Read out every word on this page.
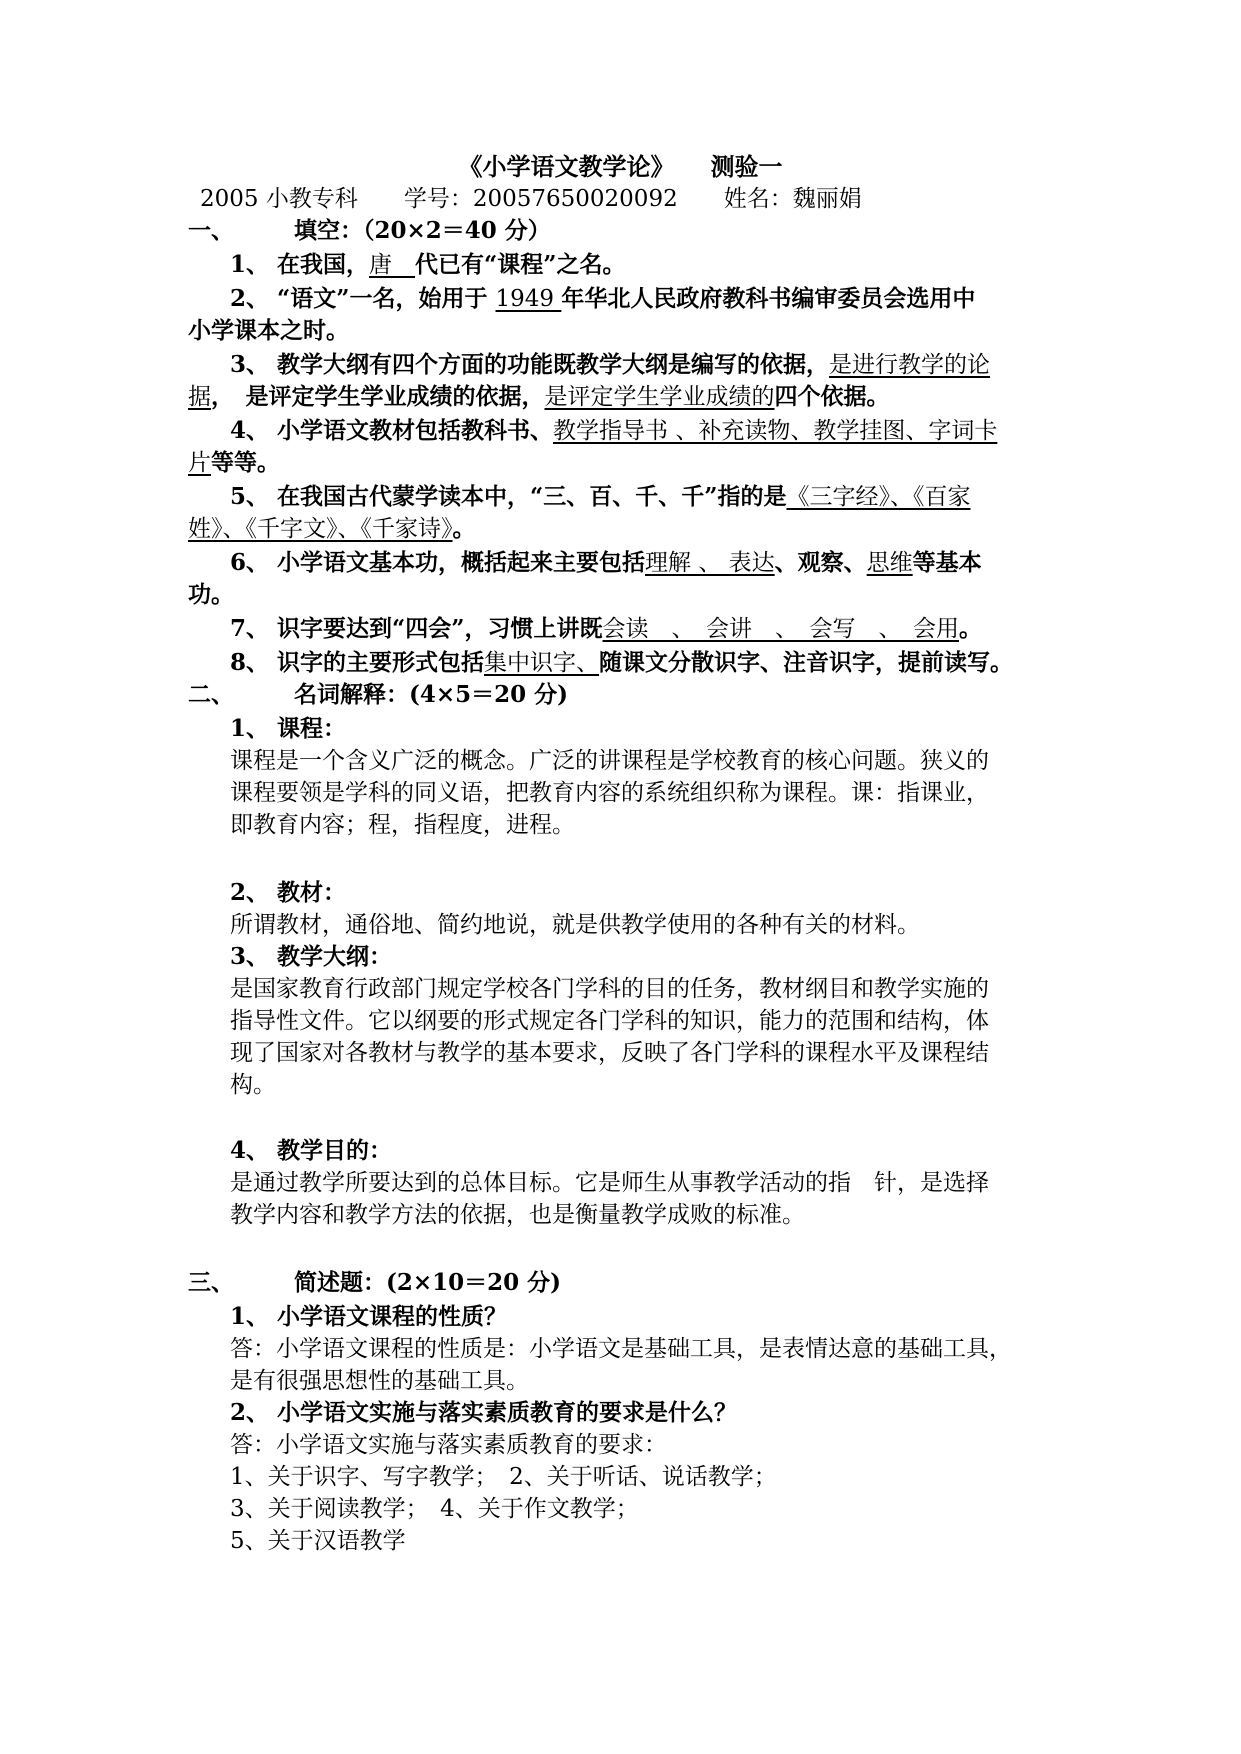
《小学语文教学论》　　测验一
2005 小教专科　　学号：20057650020092　　姓名：魏丽娟
一、	填空：（20×2＝40 分）
1、 在我国，唐　代已有“课程”之名。
2、 “语文”一名，始用于 1949 年华北人民政府教科书编审委员会选用中
小学课本之时。
3、 教学大纲有四个方面的功能既教学大纲是编写的依据，是进行教学的论
据，　是评定学生学业成绩的依据，是评定学生学业成绩的四个依据。
4、 小学语文教材包括教科书、教学指导书 、补充读物、教学挂图、字词卡
片等等。
5、 在我国古代蒙学读本中，“三、百、千、千”指的是《三字经》、《百家
姓》、《千字文》、《千家诗》。
6、 小学语文基本功，概括起来主要包括理解 、 表达、观察、思维等基本
功。
7、 识字要达到“四会”，习惯上讲既会读　、　会讲　、　会写　、　会用。
8、 识字的主要形式包括集中识字、随课文分散识字、注音识字，提前读写。
二、	名词解释：(4×5＝20 分)
1、 课程：
课程是一个含义广泛的概念。广泛的讲课程是学校教育的核心问题。狭义的
课程要领是学科的同义语，把教育内容的系统组织称为课程。课：指课业，
即教育内容；程，指程度，进程。
2、 教材：
所谓教材，通俗地、简约地说，就是供教学使用的各种有关的材料。
3、 教学大纲：
是国家教育行政部门规定学校各门学科的目的任务，教材纲目和教学实施的
指导性文件。它以纲要的形式规定各门学科的知识，能力的范围和结构，体
现了国家对各教材与教学的基本要求，反映了各门学科的课程水平及课程结
构。
4、 教学目的：
是通过教学所要达到的总体目标。它是师生从事教学活动的指　针，是选择
教学内容和教学方法的依据，也是衡量教学成败的标准。
三、	简述题：(2×10＝20 分)
1、 小学语文课程的性质？
答：小学语文课程的性质是：小学语文是基础工具，是表情达意的基础工具，
是有很强思想性的基础工具。
2、 小学语文实施与落实素质教育的要求是什么？
答：小学语文实施与落实素质教育的要求：
1、关于识字、写字教学；　2、关于听话、说话教学；
3、关于阅读教学；　4、关于作文教学；
5、关于汉语教学
